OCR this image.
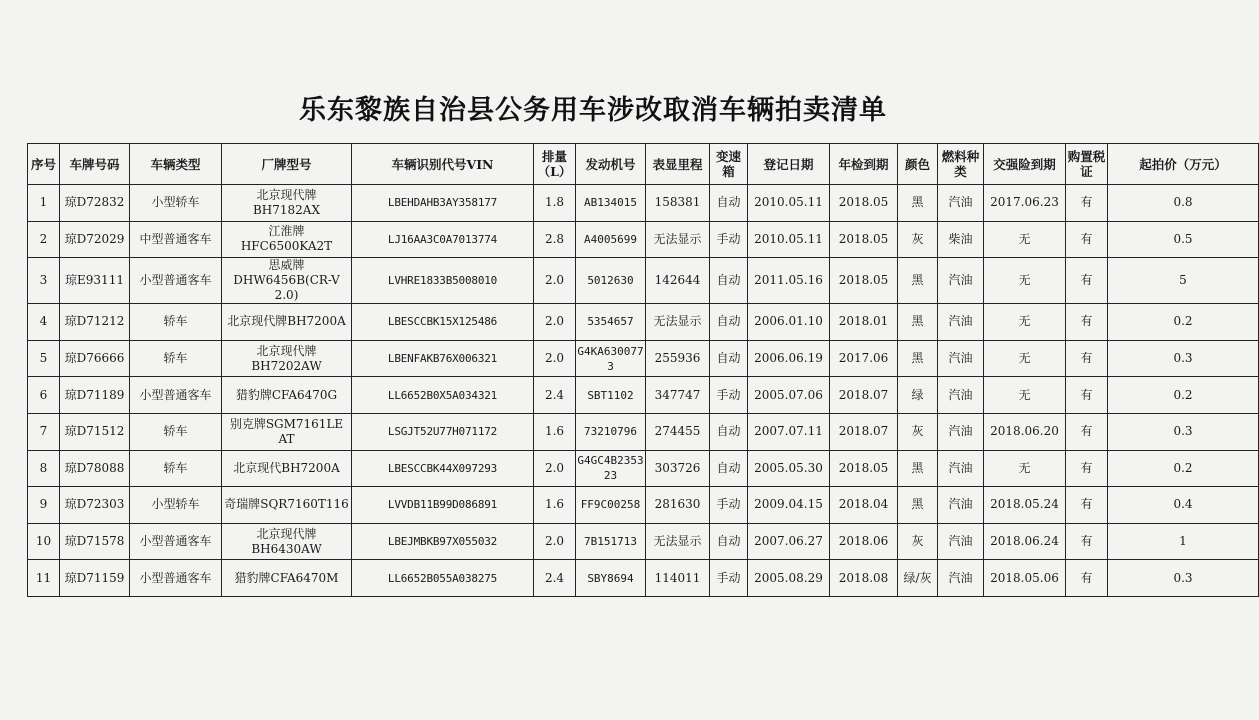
乐东黎族自治县公务用车涉改取消车辆拍卖清单
序号	车牌号码	车辆类型	厂牌型号	车辆识别代号VIN	排量（L）	发动机号	表显里程	变速箱	登记日期	年检到期	颜色	燃料种类	交强险到期	购置税证	起拍价（万元）
1	琼D72832	小型轿车	北京现代牌BH7182AX	LBEHDAHB3AY358177	1.8	AB134015	158381	自动	2010.05.11	2018.05	黑	汽油	2017.06.23	有	0.8
2	琼D72029	中型普通客车	江淮牌HFC6500KA2T	LJ16AA3C0A7013774	2.8	A4005699	无法显示	手动	2010.05.11	2018.05	灰	柴油	无	有	0.5
3	琼E93111	小型普通客车	思威牌DHW6456B(CR-V 2.0)	LVHRE1833B5008010	2.0	5012630	142644	自动	2011.05.16	2018.05	黑	汽油	无	有	5
4	琼D71212	轿车	北京现代牌BH7200A	LBESCCBK15X125486	2.0	5354657	无法显示	自动	2006.01.10	2018.01	黑	汽油	无	有	0.2
5	琼D76666	轿车	北京现代牌BH7202AW	LBENFAKB76X006321	2.0	G4KA6300773	255936	自动	2006.06.19	2017.06	黑	汽油	无	有	0.3
6	琼D71189	小型普通客车	猎豹牌CFA6470G	LL6652B0X5A034321	2.4	SBT1102	347747	手动	2005.07.06	2018.07	绿	汽油	无	有	0.2
7	琼D71512	轿车	别克牌SGM7161LE AT	LSGJT52U77H071172	1.6	73210796	274455	自动	2007.07.11	2018.07	灰	汽油	2018.06.20	有	0.3
8	琼D78088	轿车	北京现代BH7200A	LBESCCBK44X097293	2.0	G4GC4B235323	303726	自动	2005.05.30	2018.05	黑	汽油	无	有	0.2
9	琼D72303	小型轿车	奇瑞牌SQR7160T116	LVVDB11B99D086891	1.6	FF9C00258	281630	手动	2009.04.15	2018.04	黑	汽油	2018.05.24	有	0.4
10	琼D71578	小型普通客车	北京现代牌BH6430AW	LBEJMBKB97X055032	2.0	7B151713	无法显示	自动	2007.06.27	2018.06	灰	汽油	2018.06.24	有	1
11	琼D71159	小型普通客车	猎豹牌CFA6470M	LL6652B055A038275	2.4	SBY8694	114011	手动	2005.08.29	2018.08	绿/灰	汽油	2018.05.06	有	0.3
